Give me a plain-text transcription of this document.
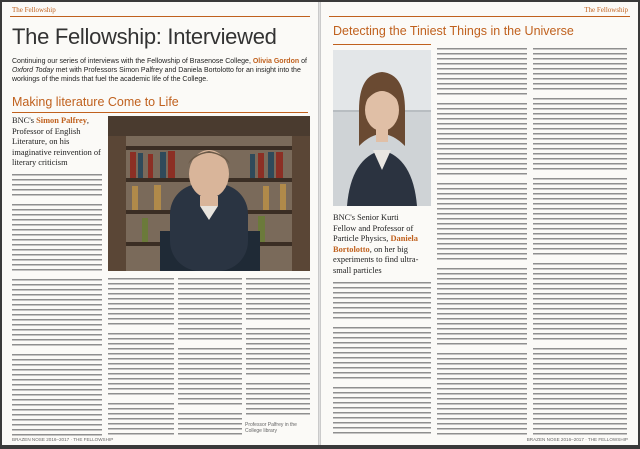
The Fellowship
The Fellowship: Interviewed

Continuing our series of interviews with the Fellowship of Brasenose College, Olivia Gordon of Oxford Today met with Professors Simon Palfrey and Daniela Bortolotto for an insight into the workings of the minds that fuel the academic life of the College.

Making literature Come to Life

BNC's Simon Palfrey, Professor of English Literature, on his imaginative reinvention of literary criticism

Professor Palfrey in the College library

BRAZEN NOSE 2016–2017 · THE FELLOWSHIP
The Fellowship
Detecting the Tiniest Things in the Universe

BNC's Senior Kurti Fellow and Professor of Particle Physics, Daniela Bortolotto, on her big experiments to find ultra-small particles

BRAZEN NOSE 2016–2017 · THE FELLOWSHIP
